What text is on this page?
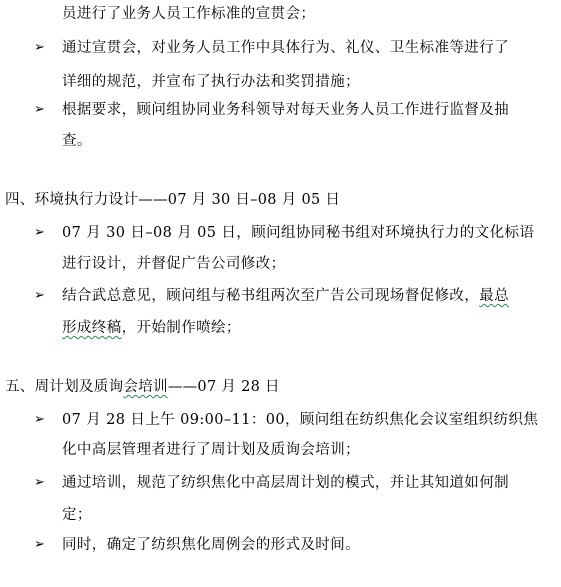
员进行了业务人员工作标准的宣贯会；
➢ 通过宣贯会，对业务人员工作中具体行为、礼仪、卫生标准等进行了
详细的规范，并宣布了执行办法和奖罚措施；
➢ 根据要求，顾问组协同业务科领导对每天业务人员工作进行监督及抽
查。
四、环境执行力设计——07 月 30 日–08 月 05 日
➢ 07 月 30 日–08 月 05 日，顾问组协同秘书组对环境执行力的文化标语
进行设计，并督促广告公司修改；
➢ 结合武总意见，顾问组与秘书组两次至广告公司现场督促修改，最总
形成终稿，开始制作喷绘；
五、周计划及质询会培训——07 月 28 日
➢ 07 月 28 日上午 09:00–11：00，顾问组在纺织焦化会议室组织纺织焦
化中高层管理者进行了周计划及质询会培训；
➢ 通过培训，规范了纺织焦化中高层周计划的模式，并让其知道如何制
定；
➢ 同时，确定了纺织焦化周例会的形式及时间。
